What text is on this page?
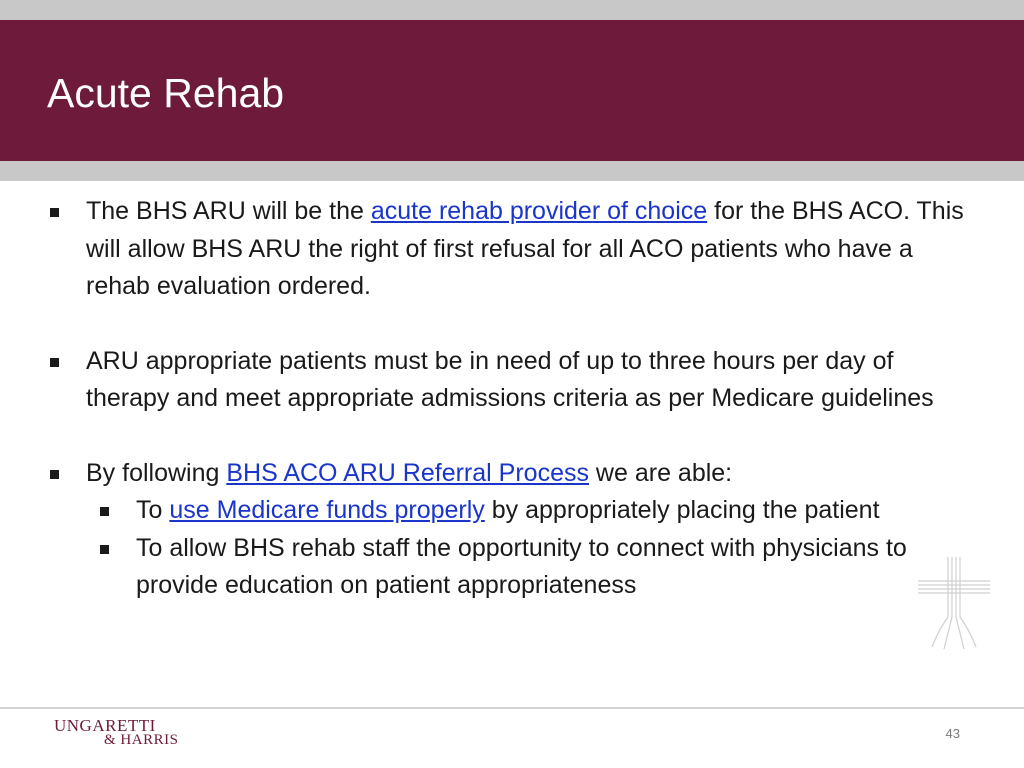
Acute Rehab

The BHS ARU will be the acute rehab provider of choice for the BHS ACO. This will allow BHS ARU the right of first refusal for all ACO patients who have a rehab evaluation ordered.

ARU appropriate patients must be in need of up to three hours per day of therapy and meet appropriate admissions criteria as per Medicare guidelines

By following BHS ACO ARU Referral Process we are able:

To use Medicare funds properly by appropriately placing the patient

To allow BHS rehab staff the opportunity to connect with physicians to provide education on patient appropriateness

UNGARETTI
& HARRIS	43
